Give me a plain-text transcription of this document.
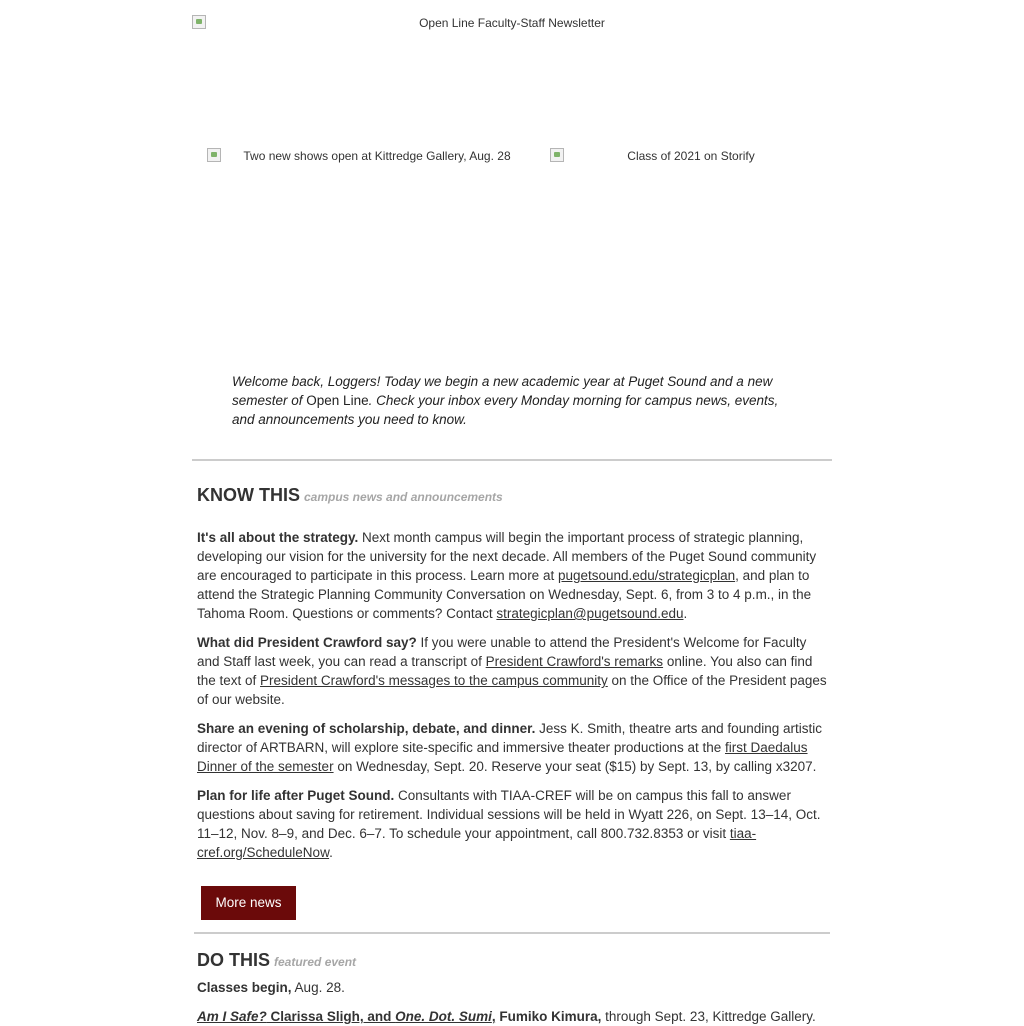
Open Line Faculty-Staff Newsletter
Two new shows open at Kittredge Gallery, Aug. 28	Class of 2021 on Storify

Welcome back, Loggers! Today we begin a new academic year at Puget Sound and a new semester of Open Line. Check your inbox every Monday morning for campus news, events, and announcements you need to know.

KNOW THIS campus news and announcements

It's all about the strategy. Next month campus will begin the important process of strategic planning, developing our vision for the university for the next decade. All members of the Puget Sound community are encouraged to participate in this process. Learn more at pugetsound.edu/strategicplan, and plan to attend the Strategic Planning Community Conversation on Wednesday, Sept. 6, from 3 to 4 p.m., in the Tahoma Room. Questions or comments? Contact strategicplan@pugetsound.edu.

What did President Crawford say? If you were unable to attend the President's Welcome for Faculty and Staff last week, you can read a transcript of President Crawford's remarks online. You also can find the text of President Crawford's messages to the campus community on the Office of the President pages of our website.

Share an evening of scholarship, debate, and dinner. Jess K. Smith, theatre arts and founding artistic director of ARTBARN, will explore site-specific and immersive theater productions at the first Daedalus Dinner of the semester on Wednesday, Sept. 20. Reserve your seat ($15) by Sept. 13, by calling x3207.

Plan for life after Puget Sound. Consultants with TIAA-CREF will be on campus this fall to answer questions about saving for retirement. Individual sessions will be held in Wyatt 226, on Sept. 13–14, Oct. 11–12, Nov. 8–9, and Dec. 6–7. To schedule your appointment, call 800.732.8353 or visit tiaa-cref.org/ScheduleNow.

More news
DO THIS featured event

Classes begin, Aug. 28.

Am I Safe? Clarissa Sligh, and One. Dot. Sumi, Fumiko Kimura, through Sept. 23, Kittredge Gallery.
